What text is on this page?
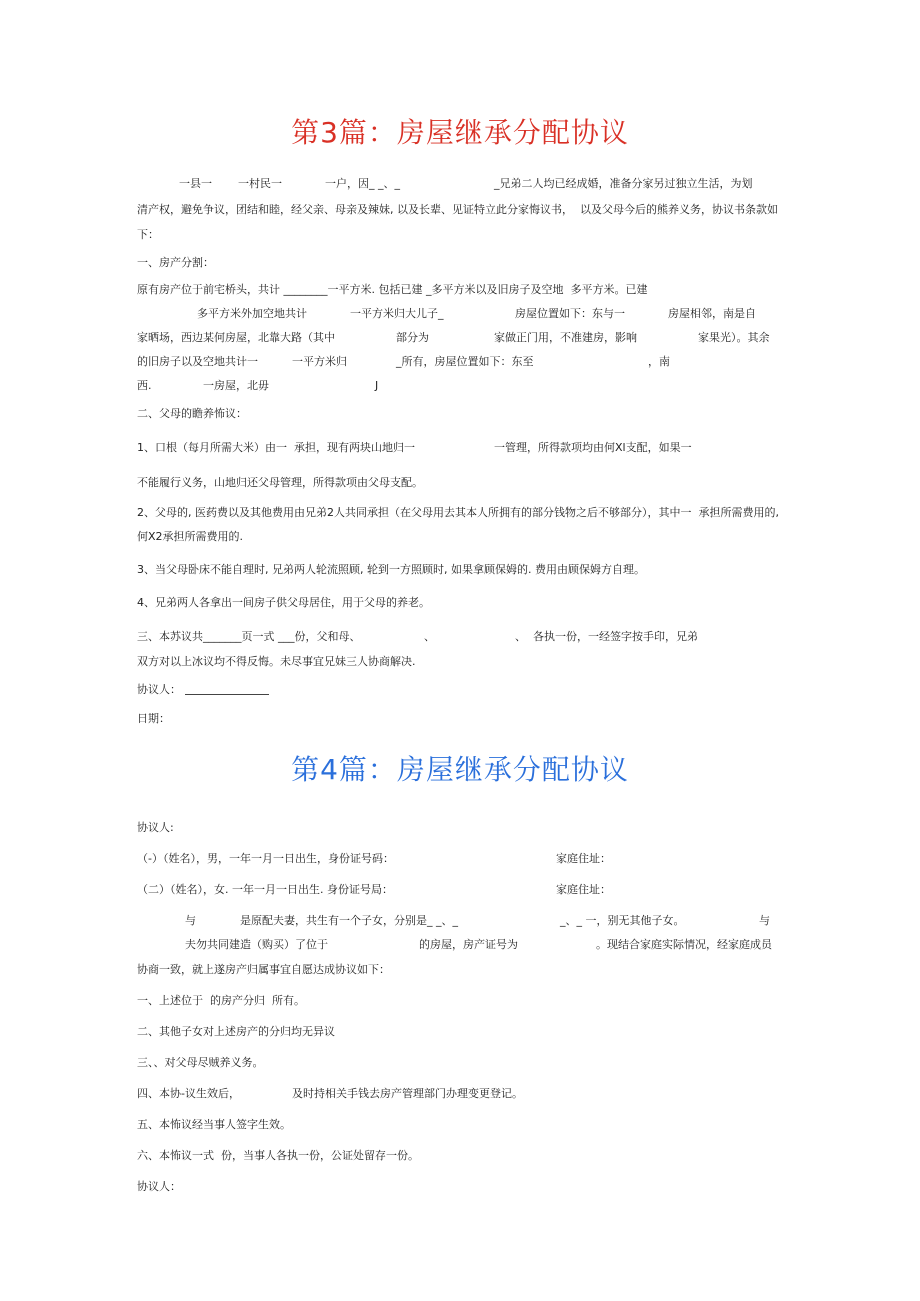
第3篇：房屋继承分配协议
一县一 一村民一	一户，因_ _、_	_兄弟二人均已经成婚，准备分家另过独立生活，为划
清产权，避免争议，团结和睦，经父亲、母亲及辣妹, 以及长辈、见证特立此分家悔议书，  以及父母今后的熊养义务，协议书条款如
下：
一、房产分割：
原有房产位于前宅桥头，共计 ________一平方米. 包括已建 _多平方米以及旧房子及空地  多平方米。已建
多平方米外加空地共计	一平方米归大儿子_	房屋位置如下：东与一	房屋相邻，南是自
家晒场，西边某何房屋，北靠大路（其中	部分为	家做正门用，不准建房，影响	家果光）。其余
的旧房子以及空地共计一	一平方米归	_所有，房屋位置如下：东至	，南
西.	一房屋，北毋	J
二、父母的瞻养怖议：
1、口根（每月所需大米）由一  承担，现有两块山地归一	一管理，所得款项均由何Xl支配，如果一
不能履行义务，山地归还父母管理，所得款项由父母支配。
2、父母的, 医药费以及其他费用由兄弟2人共同承担（在父母用去其本人所拥有的部分钱物之后不够部分），其中一  承担所需费用的,
何X2承担所需费用的.
3、当父母卧床不能自理时, 兄弟两人轮流照顾, 轮到一方照顾时, 如果拿顾保姆的. 费用由顾保姆方自理。
4、兄弟两人各拿出一间房子供父母居住，用于父母的养老。
三、本苏议共_______页一式 ___份，父和母、	、	、  各执一份，一经签字按手印，兄弟
双方对以上冰议均不得反悔。未尽事宜兄妹三人协商解决.
协议人：
日期：
第4篇：房屋继承分配协议
协议人:
（-）（姓名），男，一年一月一日出生，身份证号码：	家庭住址：
（二）（姓名），女. 一年一月一日出生. 身份证号局：	家庭住址：
与	是原配夫妻，共生有一个子女，分别是_ _、_	_、_ 一，别无其他子女。	与
夫勿共同建造（购买）了位于	的房屋，房产证号为	。现结合家庭实际情况，经家庭成员
协商一致，就上遂房产归属事宜自愿达成协议如下：
一、上述位于  的房产分归  所有。
二、其他子女对上述房产的分归均无异议
三、、对父母尽贼养义务。
四、本协-议生效后，	及时持相关手钱去房产管理部门办理变更登记。
五、本怖议经当事人签字生效。
六、本怖议一式  份，当事人各执一份，公证处留存一份。
协议人：
